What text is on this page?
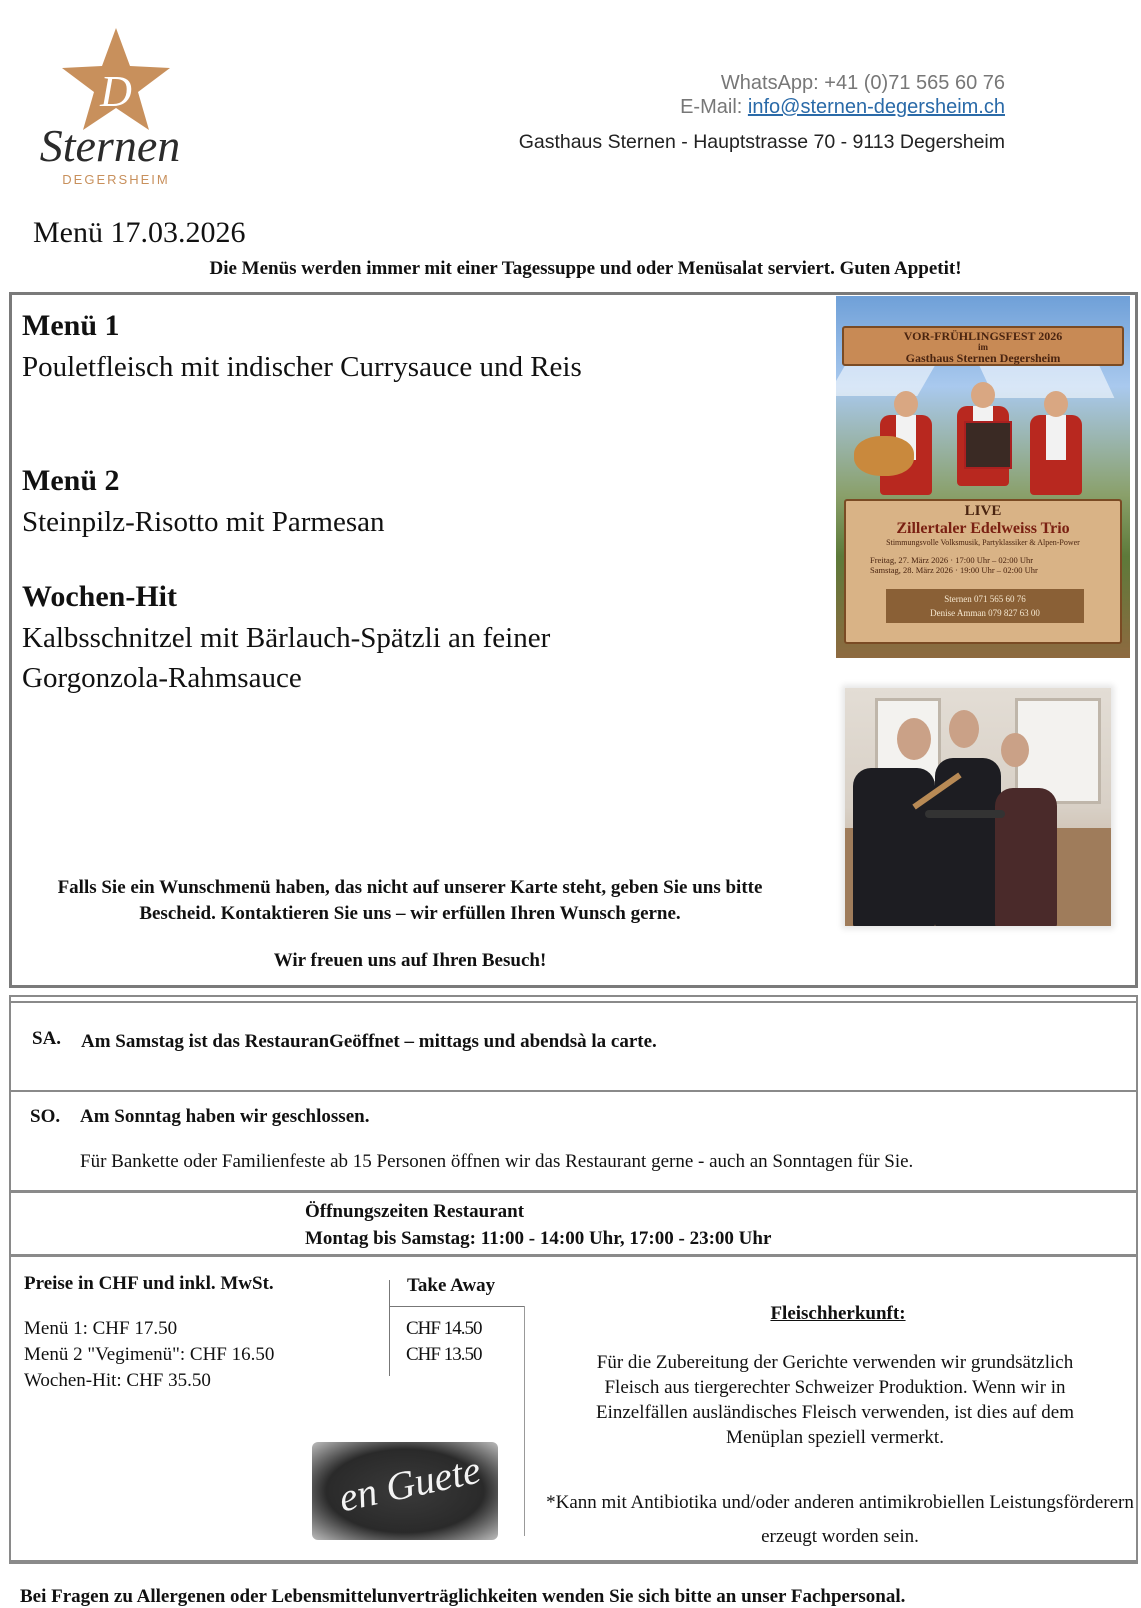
D
Sternen
DEGERSHEIM
WhatsApp: +41 (0)71 565 60 76
E-Mail: info@sternen-degersheim.ch
Gasthaus Sternen - Hauptstrasse 70 - 9113 Degersheim
Menü 17.03.2026
Die Menüs werden immer mit einer Tagessuppe und oder Menüsalat serviert. Guten Appetit!
Menü 1
Pouletfleisch mit indischer Currysauce und Reis
Menü 2
Steinpilz-Risotto mit Parmesan
Wochen-Hit
Kalbsschnitzel mit Bärlauch-Spätzli an feiner Gorgonzola-Rahmsauce
VOR-FRÜHLINGSFEST 2026
im
Gasthaus Sternen Degersheim
LIVE
Zillertaler Edelweiss Trio
Stimmungsvolle Volksmusik, Partyklassiker & Alpen-Power
Freitag, 27. März 2026 · 17:00 Uhr – 02:00 Uhr
Samstag, 28. März 2026 · 19:00 Uhr – 02:00 Uhr
Sternen 071 565 60 76
Denise Amman 079 827 63 00
Falls Sie ein Wunschmenü haben, das nicht auf unserer Karte steht, geben Sie uns bitte Bescheid. Kontaktieren Sie uns – wir erfüllen Ihren Wunsch gerne.
Wir freuen uns auf Ihren Besuch!
SA. Am Samstag ist das RestauranGeöffnet – mittags und abendsà la carte.
SO. Am Sonntag haben wir geschlossen.
Für Bankette oder Familienfeste ab 15 Personen öffnen wir das Restaurant gerne - auch an Sonntagen für Sie.
Öffnungszeiten Restaurant
Montag bis Samstag: 11:00 - 14:00 Uhr, 17:00 - 23:00 Uhr
Preise in CHF und inkl. MwSt.	Take Away
Menü 1: CHF 17.50
Menü 2 "Vegimenü": CHF 16.50
Wochen-Hit: CHF 35.50
CHF 14.50
CHF 13.50
en Guete
Fleischherkunft:
Für die Zubereitung der Gerichte verwenden wir grundsätzlich Fleisch aus tiergerechter Schweizer Produktion. Wenn wir in Einzelfällen ausländisches Fleisch verwenden, ist dies auf dem Menüplan speziell vermerkt.
*Kann mit Antibiotika und/oder anderen antimikrobiellen Leistungsförderern erzeugt worden sein.
Bei Fragen zu Allergenen oder Lebensmittelunverträglichkeiten wenden Sie sich bitte an unser Fachpersonal.
